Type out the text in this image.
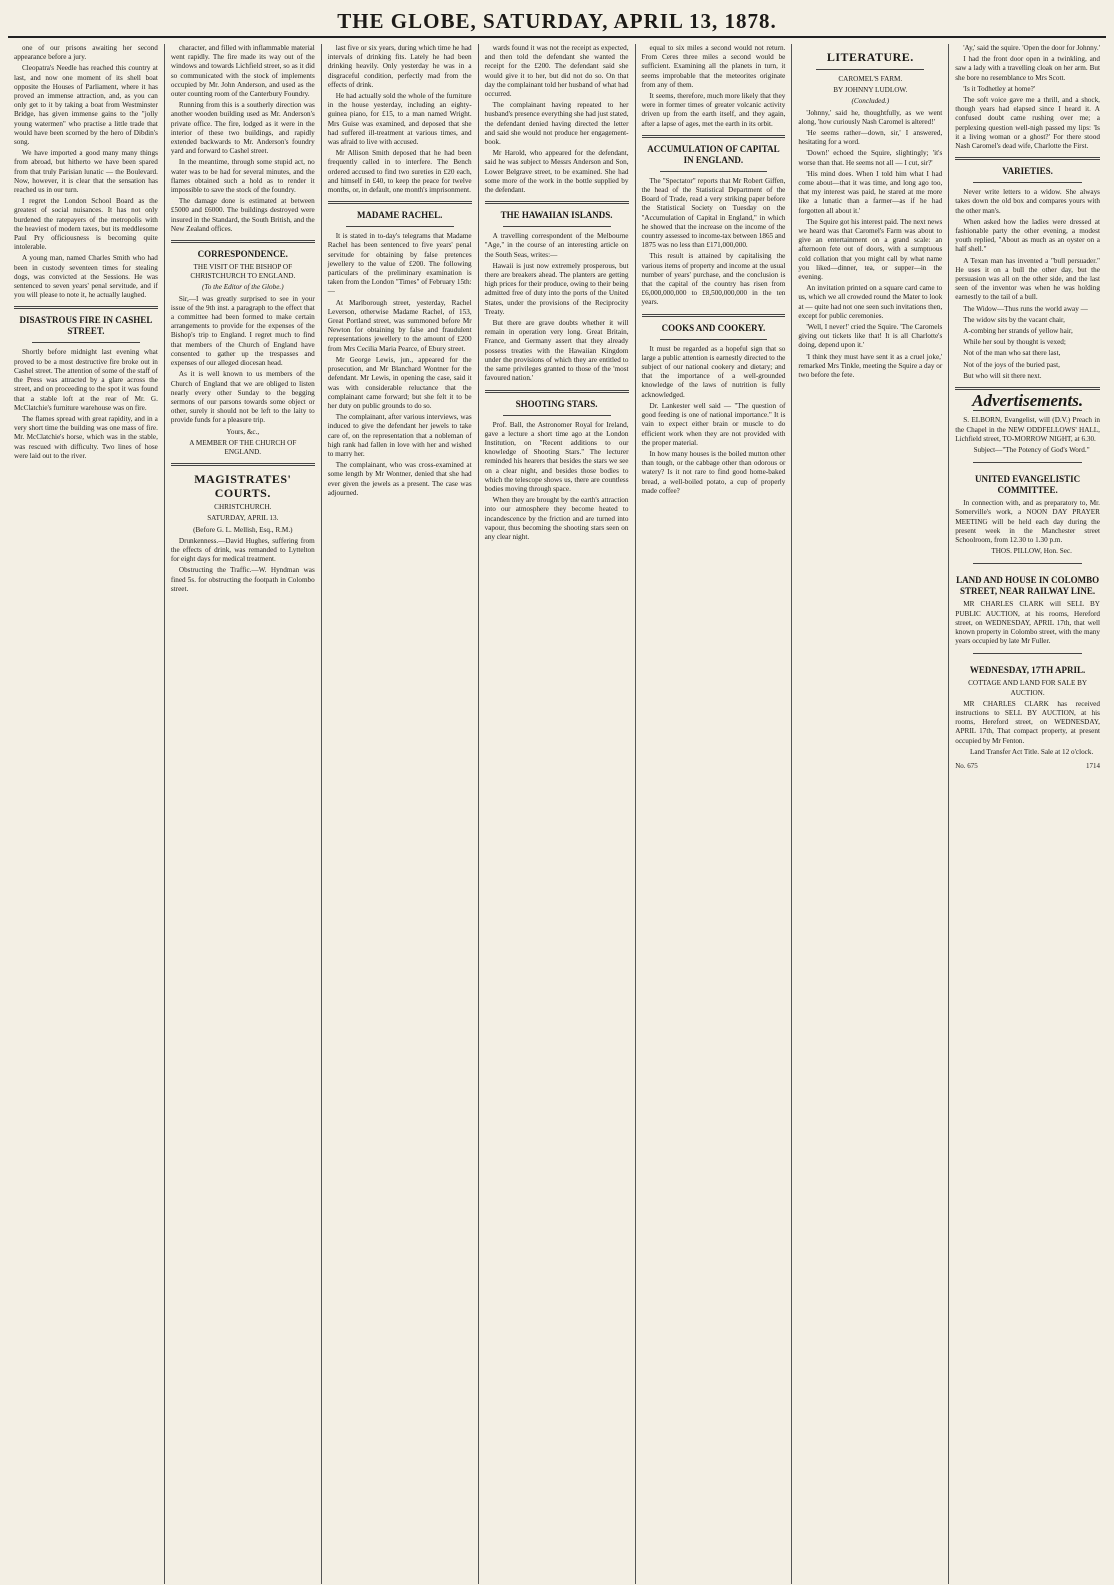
THE GLOBE, SATURDAY, APRIL 13, 1878.

one of our prisons awaiting her second appearance before a jury.

Cleopatra's Needle has reached this country at last, and now one moment of its shell boat opposite the Houses of Parliament, where it has proved an immense attraction, and, as you can only get to it by taking a boat from Westminster Bridge, has given immense gains to the "jolly young watermen" who practise a little trade that would have been scorned by the hero of Dibdin's song.

We have imported a good many many things from abroad, but hitherto we have been spared from that truly Parisian lunatic — the Boulevard. Now, however, it is clear that the sensation has reached us in our turn.

I regret the London School Board as the greatest of social nuisances. It has not only burdened the ratepayers of the metropolis with the heaviest of modern taxes, but its meddlesome Paul Pry officiousness is becoming quite intolerable.

A young man, named Charles Smith who had been in custody seventeen times for stealing dogs, was convicted at the Sessions. He was sentenced to seven years' penal servitude, and if you will please to note it, he actually laughed.

DISASTROUS FIRE IN CASHEL STREET.

Shortly before midnight last evening what proved to be a most destructive fire broke out in Cashel street. The attention of some of the staff of the Press was attracted by a glare across the street, and on proceeding to the spot it was found that a stable loft at the rear of Mr. G. McClatchie's furniture warehouse was on fire.

The flames spread with great rapidity, and in a very short time the building was one mass of fire. Mr. McClatchie's horse, which was in the stable, was rescued with difficulty. Two lines of hose were laid out to the river.

character, and filled with inflammable material went rapidly. The fire made its way out of the windows and towards Lichfield street, so as it did so communicated with the stock of implements occupied by Mr. John Anderson, and used as the outer counting room of the Canterbury Foundry.

Running from this is a southerly direction was another wooden building used as Mr. Anderson's private office. The fire, lodged as it were in the interior of these two buildings, and rapidly extended backwards to Mr. Anderson's foundry yard and forward to Cashel street.

In the meantime, through some stupid act, no water was to be had for several minutes, and the flames obtained such a hold as to render it impossible to save the stock of the foundry.

The damage done is estimated at between £5000 and £6000. The buildings destroyed were insured in the Standard, the South British, and the New Zealand offices.

CORRESPONDENCE.
THE VISIT OF THE BISHOP OF CHRISTCHURCH TO ENGLAND.
(To the Editor of the Globe.)

Sir,—I was greatly surprised to see in your issue of the 9th inst. a paragraph to the effect that a committee had been formed to make certain arrangements to provide for the expenses of the Bishop's trip to England. I regret much to find that members of the Church of England have consented to gather up the trespasses and expenses of our alleged diocesan head.

As it is well known to us members of the Church of England that we are obliged to listen nearly every other Sunday to the begging sermons of our parsons towards some object or other, surely it should not be left to the laity to provide funds for a pleasure trip.

Yours, &c.,
A MEMBER OF THE CHURCH OF ENGLAND.
MAGISTRATES' COURTS.
CHRISTCHURCH.
SATURDAY, APRIL 13.
(Before G. L. Mellish, Esq., R.M.)

Drunkenness.—David Hughes, suffering from the effects of drink, was remanded to Lyttelton for eight days for medical treatment.

Obstructing the Traffic.—W. Hyndman was fined 5s. for obstructing the footpath in Colombo street.

last five or six years, during which time he had intervals of drinking fits. Lately he had been drinking heavily. Only yesterday he was in a disgraceful condition, perfectly mad from the effects of drink.

He had actually sold the whole of the furniture in the house yesterday, including an eighty-guinea piano, for £15, to a man named Wright. Mrs Guise was examined, and deposed that she had suffered ill-treatment at various times, and was afraid to live with accused.

Mr Allison Smith deposed that he had been frequently called in to interfere. The Bench ordered accused to find two sureties in £20 each, and himself in £40, to keep the peace for twelve months, or, in default, one month's imprisonment.

MADAME RACHEL.

It is stated in to-day's telegrams that Madame Rachel has been sentenced to five years' penal servitude for obtaining by false pretences jewellery to the value of £200. The following particulars of the preliminary examination is taken from the London "Times" of February 15th:—

At Marlborough street, yesterday, Rachel Leverson, otherwise Madame Rachel, of 153, Great Portland street, was summoned before Mr Newton for obtaining by false and fraudulent representations jewellery to the amount of £200 from Mrs Cecilia Maria Pearce, of Ebury street.

Mr George Lewis, jun., appeared for the prosecution, and Mr Blanchard Wontner for the defendant. Mr Lewis, in opening the case, said it was with considerable reluctance that the complainant came forward; but she felt it to be her duty on public grounds to do so.

The complainant, after various interviews, was induced to give the defendant her jewels to take care of, on the representation that a nobleman of high rank had fallen in love with her and wished to marry her.

The complainant, who was cross-examined at some length by Mr Wontner, denied that she had ever given the jewels as a present. The case was adjourned.

wards found it was not the receipt as expected, and then told the defendant she wanted the receipt for the £200. The defendant said she would give it to her, but did not do so. On that day the complainant told her husband of what had occurred.

The complainant having repeated to her husband's presence everything she had just stated, the defendant denied having directed the letter and said she would not produce her engagement-book.

Mr Harold, who appeared for the defendant, said he was subject to Messrs Anderson and Son, Lower Belgrave street, to be examined. She had some more of the work in the bottle supplied by the defendant.

THE HAWAIIAN ISLANDS.

A travelling correspondent of the Melbourne "Age," in the course of an interesting article on the South Seas, writes:—

Hawaii is just now extremely prosperous, but there are breakers ahead. The planters are getting high prices for their produce, owing to their being admitted free of duty into the ports of the United States, under the provisions of the Reciprocity Treaty.

But there are grave doubts whether it will remain in operation very long. Great Britain, France, and Germany assert that they already possess treaties with the Hawaiian Kingdom under the provisions of which they are entitled to the same privileges granted to those of the 'most favoured nation.'

SHOOTING STARS.

Prof. Ball, the Astronomer Royal for Ireland, gave a lecture a short time ago at the London Institution, on "Recent additions to our knowledge of Shooting Stars." The lecturer reminded his hearers that besides the stars we see on a clear night, and besides those bodies to which the telescope shows us, there are countless bodies moving through space.

When they are brought by the earth's attraction into our atmosphere they become heated to incandescence by the friction and are turned into vapour, thus becoming the shooting stars seen on any clear night.

equal to six miles a second would not return. From Ceres three miles a second would be sufficient. Examining all the planets in turn, it seems improbable that the meteorites originate from any of them.

It seems, therefore, much more likely that they were in former times of greater volcanic activity driven up from the earth itself, and they again, after a lapse of ages, met the earth in its orbit.

ACCUMULATION OF CAPITAL IN ENGLAND.

The "Spectator" reports that Mr Robert Giffen, the head of the Statistical Department of the Board of Trade, read a very striking paper before the Statistical Society on Tuesday on the "Accumulation of Capital in England," in which he showed that the increase on the income of the country assessed to income-tax between 1865 and 1875 was no less than £171,000,000.

This result is attained by capitalising the various items of property and income at the usual number of years' purchase, and the conclusion is that the capital of the country has risen from £6,000,000,000 to £8,500,000,000 in the ten years.

COOKS AND COOKERY.

It must be regarded as a hopeful sign that so large a public attention is earnestly directed to the subject of our national cookery and dietary; and that the importance of a well-grounded knowledge of the laws of nutrition is fully acknowledged.

Dr. Lankester well said — "The question of good feeding is one of national importance." It is vain to expect either brain or muscle to do efficient work when they are not provided with the proper material.

In how many houses is the boiled mutton other than tough, or the cabbage other than odorous or watery? Is it not rare to find good home-baked bread, a well-boiled potato, a cup of properly made coffee?

LITERATURE.
CAROMEL'S FARM.
BY JOHNNY LUDLOW.
(Concluded.)

'Johnny,' said he, thoughtfully, as we went along, 'how curiously Nash Caromel is altered!'

'He seems rather—down, sir,' I answered, hesitating for a word.

'Down!' echoed the Squire, slightingly; 'it's worse than that. He seems not all — I cut, sir?'

'His mind does. When I told him what I had come about—that it was time, and long ago too, that my interest was paid, he stared at me more like a lunatic than a farmer—as if he had forgotten all about it.'

The Squire got his interest paid. The next news we heard was that Caromel's Farm was about to give an entertainment on a grand scale: an afternoon fete out of doors, with a sumptuous cold collation that you might call by what name you liked—dinner, tea, or supper—in the evening.

An invitation printed on a square card came to us, which we all crowded round the Mater to look at — quite had not one seen such invitations then, except for public ceremonies.

'Well, I never!' cried the Squire. 'The Caromels giving out tickets like that! It is all Charlotte's doing, depend upon it.'

'I think they must have sent it as a cruel joke,' remarked Mrs Tinkle, meeting the Squire a day or two before the fete.

'Ay,' said the squire. 'Open the door for Johnny.'

I had the front door open in a twinkling, and saw a lady with a travelling cloak on her arm. But she bore no resemblance to Mrs Scott.

'Is it Todhetley at home?'

The soft voice gave me a thrill, and a shock, though years had elapsed since I heard it. A confused doubt came rushing over me; a perplexing question well-nigh passed my lips: 'Is it a living woman or a ghost?' For there stood Nash Caromel's dead wife, Charlotte the First.

VARIETIES.

Never write letters to a widow. She always takes down the old box and compares yours with the other man's.

When asked how the ladies were dressed at fashionable party the other evening, a modest youth replied, "About as much as an oyster on a half shell."

A Texan man has invented a "bull persuader." He uses it on a bull the other day, but the persuasion was all on the other side, and the last seen of the inventor was when he was holding earnestly to the tail of a bull.

The Widow—Thus runs the world away —

The widow sits by the vacant chair,

A-combing her strands of yellow hair,

While her soul by thought is vexed;

Not of the man who sat there last,

Not of the joys of the buried past,

But who will sit there next.

Advertisements.

S. ELBORN, Evangelist, will (D.V.) Preach in the Chapel in the NEW ODDFELLOWS' HALL, Lichfield street, TO-MORROW NIGHT, at 6.30.

Subject—"The Potency of God's Word."

UNITED EVANGELISTIC COMMITTEE.

In connection with, and as preparatory to, Mr. Somerville's work, a NOON DAY PRAYER MEETING will be held each day during the present week in the Manchester street Schoolroom, from 12.30 to 1.30 p.m.

THOS. PILLOW, Hon. Sec.

LAND AND HOUSE IN COLOMBO STREET, NEAR RAILWAY LINE.

MR CHARLES CLARK will SELL BY PUBLIC AUCTION, at his rooms, Hereford street, on WEDNESDAY, APRIL 17th, that well known property in Colombo street, with the many years occupied by late Mr Fuller.

WEDNESDAY, 17TH APRIL.
COTTAGE AND LAND FOR SALE BY AUCTION.

MR CHARLES CLARK has received instructions to SELL BY AUCTION, at his rooms, Hereford street, on WEDNESDAY, APRIL 17th, That compact property, at present occupied by Mr Fenton.

Land Transfer Act Title. Sale at 12 o'clock.

No. 675	1714
